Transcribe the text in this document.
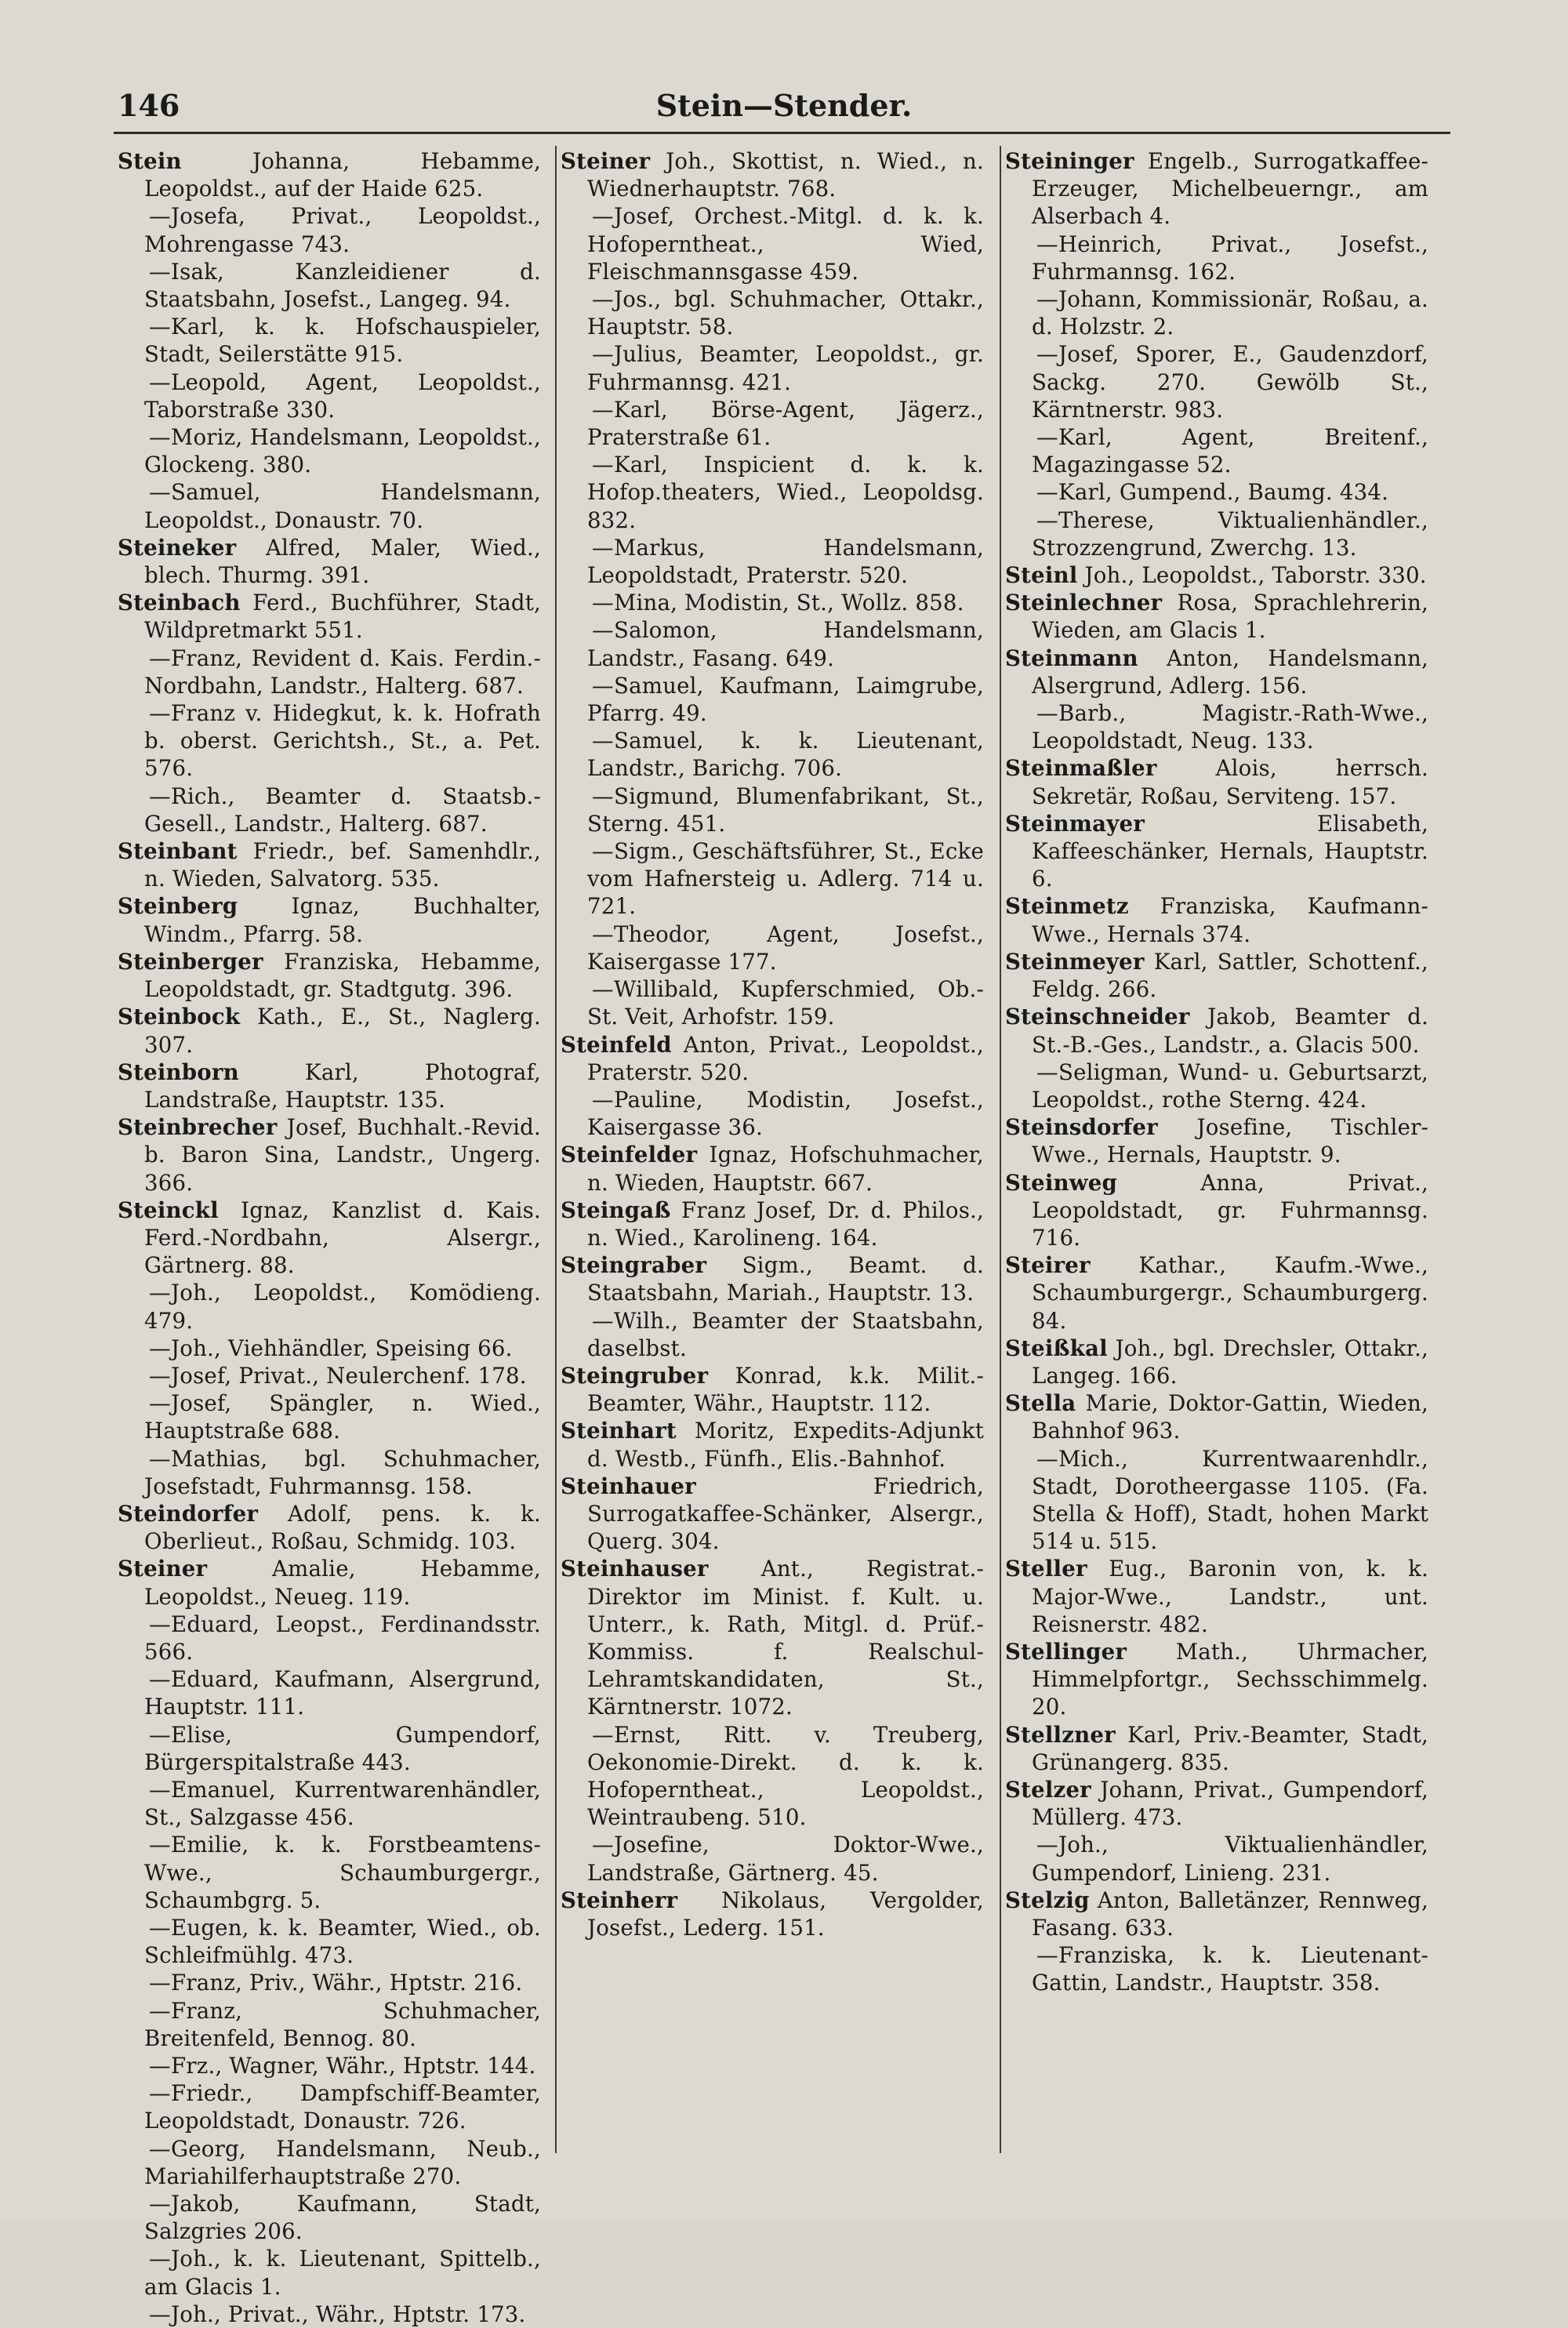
146	Stein—Stender.
Stein Johanna, Hebamme, Leopoldst., auf der Haide 625.
—Josefa, Privat., Leopoldst., Mohrengasse 743.
—Isak, Kanzleidiener d. Staatsbahn, Josefst., Langeg. 94.
—Karl, k. k. Hofschauspieler, Stadt, Seilerstätte 915.
—Leopold, Agent, Leopoldst., Taborstraße 330.
—Moriz, Handelsmann, Leopoldst., Glockeng. 380.
—Samuel, Handelsmann, Leopoldst., Donaustr. 70.
Steineker Alfred, Maler, Wied., blech. Thurmg. 391.
Steinbach Ferd., Buchführer, Stadt, Wildpretmarkt 551.
—Franz, Revident d. Kais. Ferdin.-Nordbahn, Landstr., Halterg. 687.
—Franz v. Hidegkut, k. k. Hofrath b. oberst. Gerichtsh., St., a. Pet. 576.
—Rich., Beamter d. Staatsb.-Gesell., Landstr., Halterg. 687.
Steinbant Friedr., bef. Samenhdlr., n. Wieden, Salvatorg. 535.
Steinberg Ignaz, Buchhalter, Windm., Pfarrg. 58.
Steinberger Franziska, Hebamme, Leopoldstadt, gr. Stadtgutg. 396.
Steinbock Kath., E., St., Naglerg. 307.
Steinborn Karl, Photograf, Landstraße, Hauptstr. 135.
Steinbrecher Josef, Buchhalt.-Revid. b. Baron Sina, Landstr., Ungerg. 366.
Steinckl Ignaz, Kanzlist d. Kais. Ferd.-Nordbahn, Alsergr., Gärtnerg. 88.
—Joh., Leopoldst., Komödieng. 479.
—Joh., Viehhändler, Speising 66.
—Josef, Privat., Neulerchenf. 178.
—Josef, Spängler, n. Wied., Hauptstraße 688.
—Mathias, bgl. Schuhmacher, Josefstadt, Fuhrmannsg. 158.
Steindorfer Adolf, pens. k. k. Oberlieut., Roßau, Schmidg. 103.
Steiner Amalie, Hebamme, Leopoldst., Neueg. 119.
—Eduard, Leopst., Ferdinandsstr. 566.
—Eduard, Kaufmann, Alsergrund, Hauptstr. 111.
—Elise, Gumpendorf, Bürgerspitalstraße 443.
—Emanuel, Kurrentwarenhändler, St., Salzgasse 456.
—Emilie, k. k. Forstbeamtens-Wwe., Schaumburgergr., Schaumbgrg. 5.
—Eugen, k. k. Beamter, Wied., ob. Schleifmühlg. 473.
—Franz, Priv., Währ., Hptstr. 216.
—Franz, Schuhmacher, Breitenfeld, Bennog. 80.
—Frz., Wagner, Währ., Hptstr. 144.
—Friedr., Dampfschiff-Beamter, Leopoldstadt, Donaustr. 726.
—Georg, Handelsmann, Neub., Mariahilferhauptstraße 270.
—Jakob, Kaufmann, Stadt, Salzgries 206.
—Joh., k. k. Lieutenant, Spittelb., am Glacis 1.
—Joh., Privat., Währ., Hptstr. 173.
Steiner Joh., Skottist, n. Wied., n. Wiednerhauptstr. 768.
—Josef, Orchest.-Mitgl. d. k. k. Hofoperntheat., Wied, Fleischmannsgasse 459.
—Jos., bgl. Schuhmacher, Ottakr., Hauptstr. 58.
—Julius, Beamter, Leopoldst., gr. Fuhrmannsg. 421.
—Karl, Börse-Agent, Jägerz., Praterstraße 61.
—Karl, Inspicient d. k. k. Hofop.theaters, Wied., Leopoldsg. 832.
—Markus, Handelsmann, Leopoldstadt, Praterstr. 520.
—Mina, Modistin, St., Wollz. 858.
—Salomon, Handelsmann, Landstr., Fasang. 649.
—Samuel, Kaufmann, Laimgrube, Pfarrg. 49.
—Samuel, k. k. Lieutenant, Landstr., Barichg. 706.
—Sigmund, Blumenfabrikant, St., Sterng. 451.
—Sigm., Geschäftsführer, St., Ecke vom Hafnersteig u. Adlerg. 714 u. 721.
—Theodor, Agent, Josefst., Kaisergasse 177.
—Willibald, Kupferschmied, Ob.-St. Veit, Arhofstr. 159.
Steinfeld Anton, Privat., Leopoldst., Praterstr. 520.
—Pauline, Modistin, Josefst., Kaisergasse 36.
Steinfelder Ignaz, Hofschuhmacher, n. Wieden, Hauptstr. 667.
Steingaß Franz Josef, Dr. d. Philos., n. Wied., Karolineng. 164.
Steingraber Sigm., Beamt. d. Staatsbahn, Mariah., Hauptstr. 13.
—Wilh., Beamter der Staatsbahn, daselbst.
Steingruber Konrad, k.k. Milit.-Beamter, Währ., Hauptstr. 112.
Steinhart Moritz, Expedits-Adjunkt d. Westb., Fünfh., Elis.-Bahnhof.
Steinhauer Friedrich, Surrogatkaffee-Schänker, Alsergr., Querg. 304.
Steinhauser Ant., Registrat.-Direktor im Minist. f. Kult. u. Unterr., k. Rath, Mitgl. d. Prüf.-Kommiss. f. Realschul-Lehramtskandidaten, St., Kärntnerstr. 1072.
—Ernst, Ritt. v. Treuberg, Oekonomie-Direkt. d. k. k. Hofoperntheat., Leopoldst., Weintraubeng. 510.
—Josefine, Doktor-Wwe., Landstraße, Gärtnerg. 45.
Steinherr Nikolaus, Vergolder, Josefst., Lederg. 151.
Steininger Engelb., Surrogatkaffee-Erzeuger, Michelbeuerngr., am Alserbach 4.
—Heinrich, Privat., Josefst., Fuhrmannsg. 162.
—Johann, Kommissionär, Roßau, a. d. Holzstr. 2.
—Josef, Sporer, E., Gaudenzdorf, Sackg. 270. Gewölb St., Kärntnerstr. 983.
—Karl, Agent, Breitenf., Magazingasse 52.
—Karl, Gumpend., Baumg. 434.
—Therese, Viktualienhändler., Strozzengrund, Zwerchg. 13.
Steinl Joh., Leopoldst., Taborstr. 330.
Steinlechner Rosa, Sprachlehrerin, Wieden, am Glacis 1.
Steinmann Anton, Handelsmann, Alsergrund, Adlerg. 156.
—Barb., Magistr.-Rath-Wwe., Leopoldstadt, Neug. 133.
Steinmaßler Alois, herrsch. Sekretär, Roßau, Serviteng. 157.
Steinmayer Elisabeth, Kaffeeschänker, Hernals, Hauptstr. 6.
Steinmetz Franziska, Kaufmann-Wwe., Hernals 374.
Steinmeyer Karl, Sattler, Schottenf., Feldg. 266.
Steinschneider Jakob, Beamter d. St.-B.-Ges., Landstr., a. Glacis 500.
—Seligman, Wund- u. Geburtsarzt, Leopoldst., rothe Sterng. 424.
Steinsdorfer Josefine, Tischler-Wwe., Hernals, Hauptstr. 9.
Steinweg Anna, Privat., Leopoldstadt, gr. Fuhrmannsg. 716.
Steirer Kathar., Kaufm.-Wwe., Schaumburgergr., Schaumburgerg. 84.
Steißkal Joh., bgl. Drechsler, Ottakr., Langeg. 166.
Stella Marie, Doktor-Gattin, Wieden, Bahnhof 963.
—Mich., Kurrentwaarenhdlr., Stadt, Dorotheergasse 1105. (Fa. Stella & Hoff), Stadt, hohen Markt 514 u. 515.
Steller Eug., Baronin von, k. k. Major-Wwe., Landstr., unt. Reisnerstr. 482.
Stellinger Math., Uhrmacher, Himmelpfortgr., Sechsschimmelg. 20.
Stellzner Karl, Priv.-Beamter, Stadt, Grünangerg. 835.
Stelzer Johann, Privat., Gumpendorf, Müllerg. 473.
—Joh., Viktualienhändler, Gumpendorf, Linieng. 231.
Stelzig Anton, Balletänzer, Rennweg, Fasang. 633.
—Franziska, k. k. Lieutenant-Gattin, Landstr., Hauptstr. 358.
